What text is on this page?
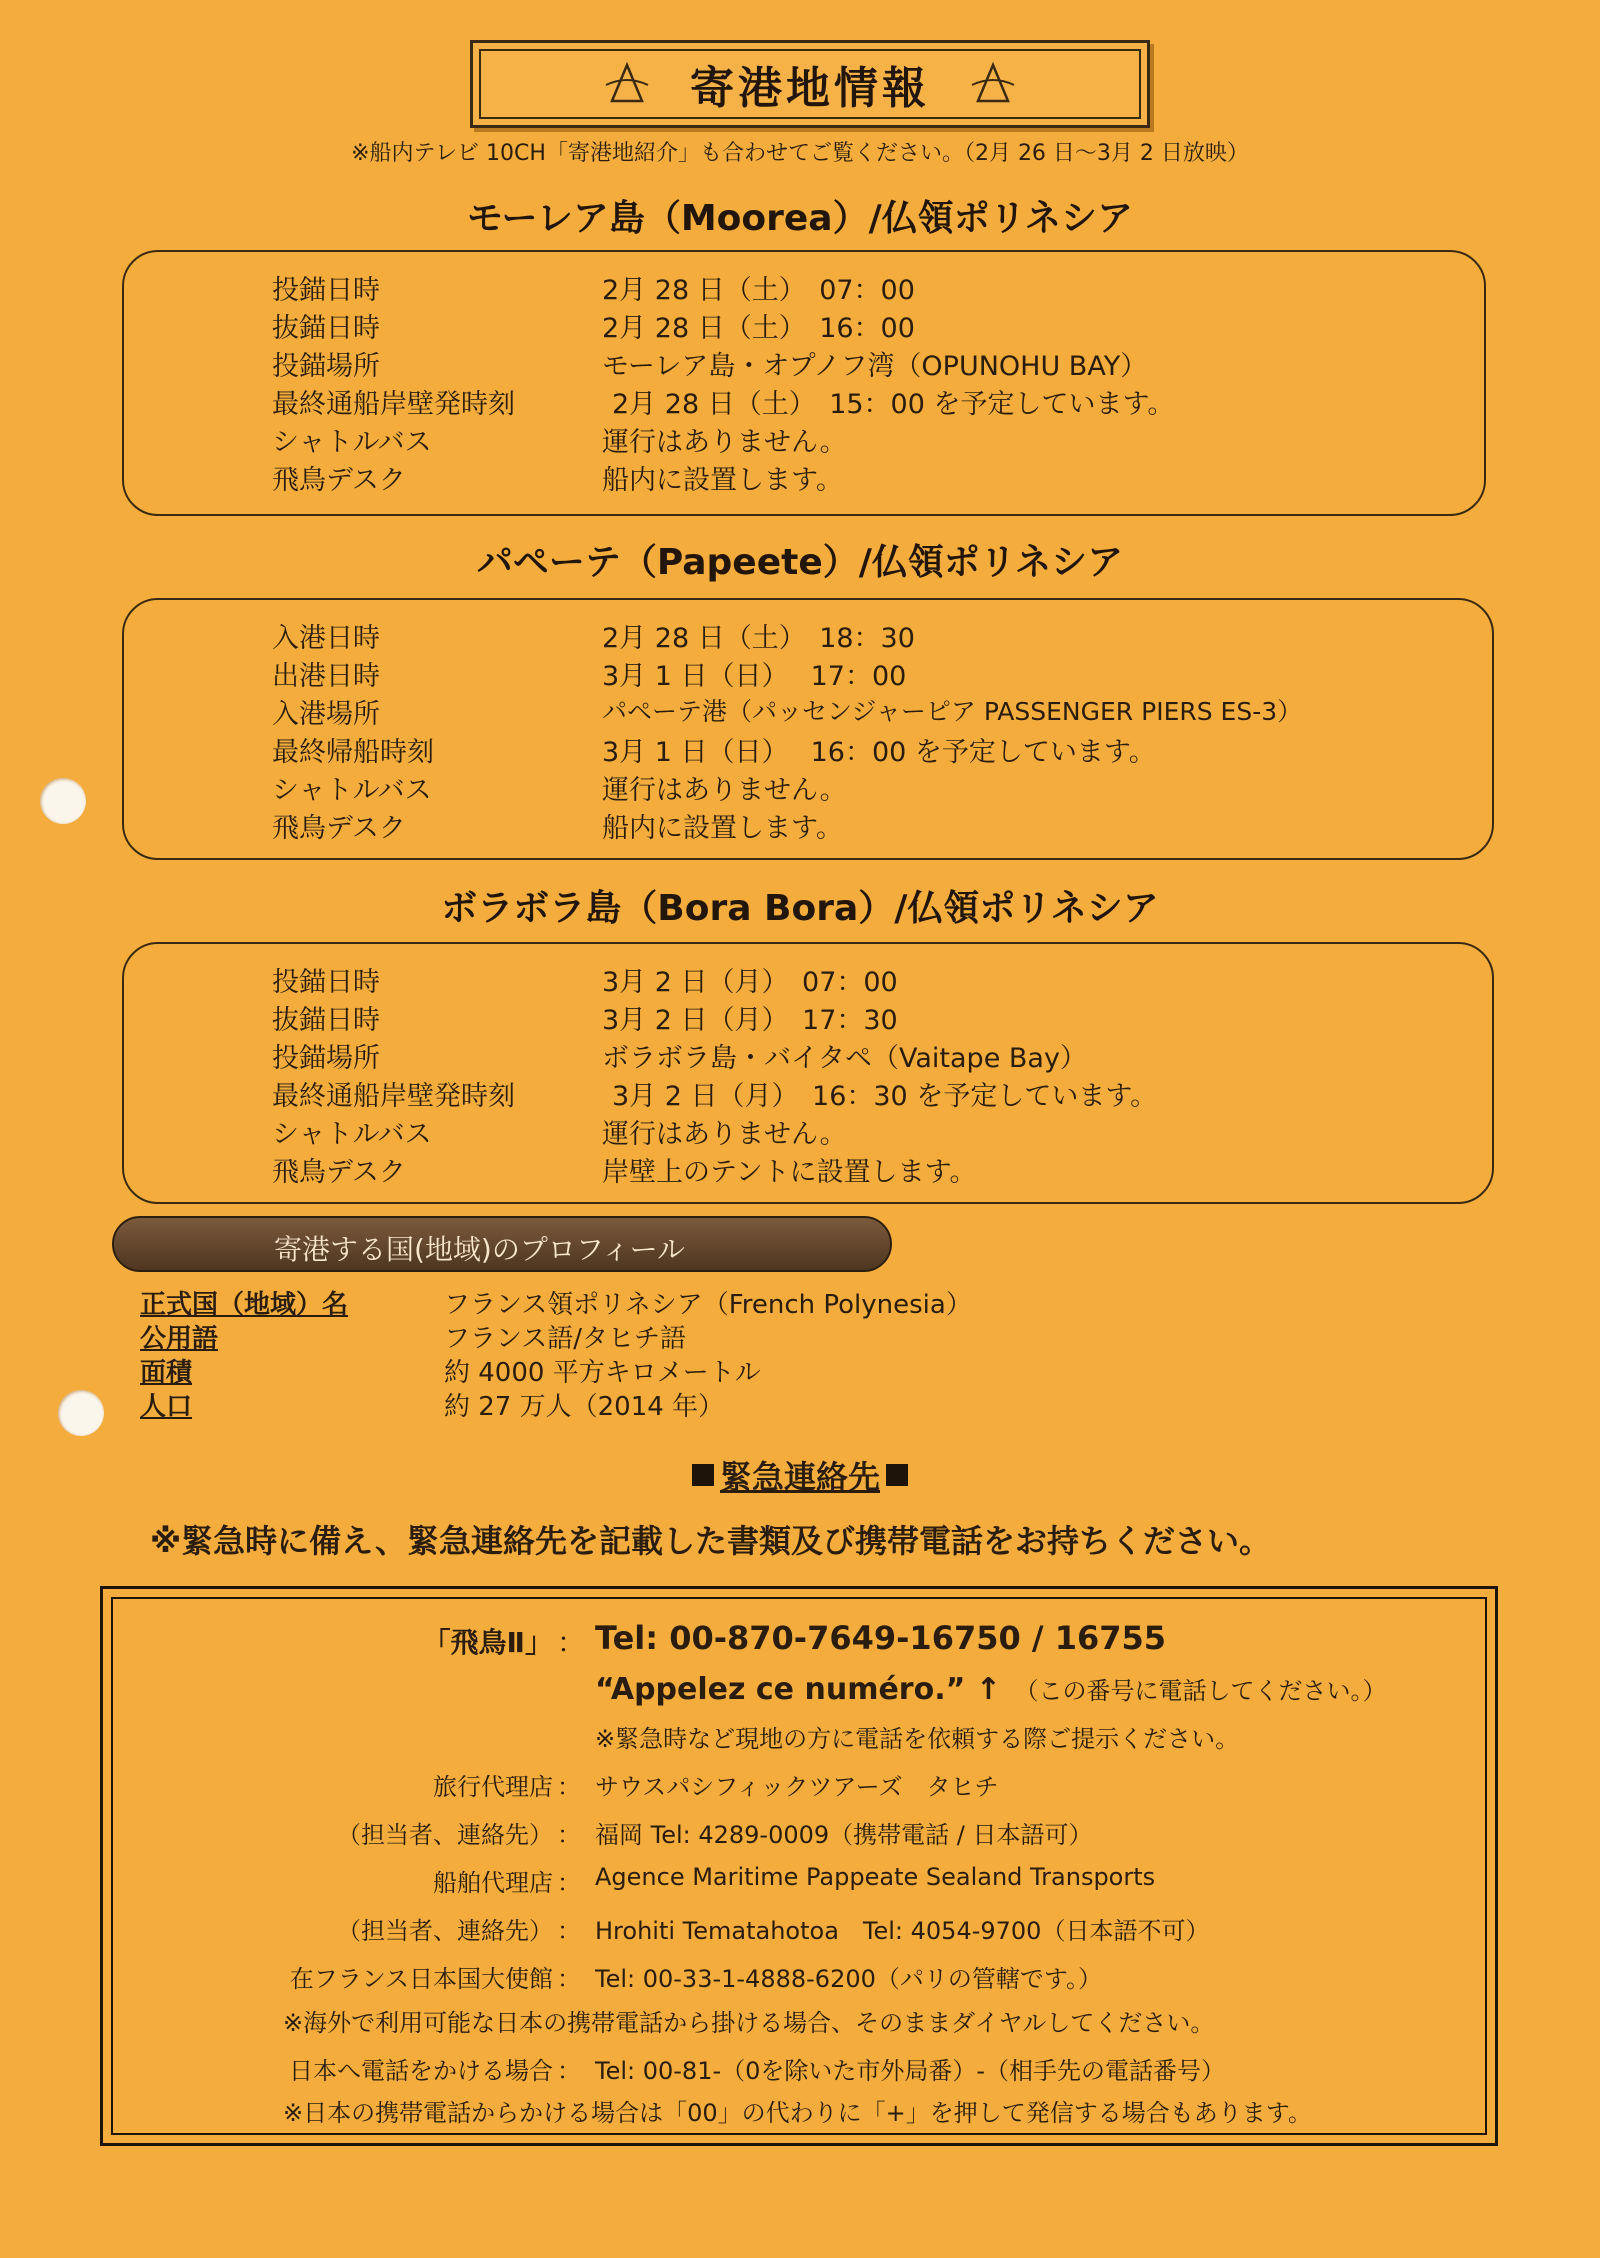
寄港地情報
※船内テレビ 10CH「寄港地紹介」も合わせてご覧ください。（2月 26 日～3月 2 日放映）
モーレア島（Moorea）/仏領ポリネシア
投錨日時	2月 28 日（土）　07：00
抜錨日時	2月 28 日（土）　16：00
投錨場所	モーレア島・オプノフ湾（OPUNOHU BAY）
最終通船岸壁発時刻	2月 28 日（土）　15：00 を予定しています。
シャトルバス	運行はありません。
飛鳥デスク	船内に設置します。
パペーテ（Papeete）/仏領ポリネシア
入港日時	2月 28 日（土）　18：30
出港日時	3月 1 日（日）　 17：00
入港場所	パペーテ港（パッセンジャーピア PASSENGER PIERS ES-3）
最終帰船時刻	3月 1 日（日）　 16：00 を予定しています。
シャトルバス	運行はありません。
飛鳥デスク	船内に設置します。
ボラボラ島（Bora Bora）/仏領ポリネシア
投錨日時	3月 2 日（月）　07：00
抜錨日時	3月 2 日（月）　17：30
投錨場所	ボラボラ島・バイタペ（Vaitape Bay）
最終通船岸壁発時刻	3月 2 日（月）　16：30 を予定しています。
シャトルバス	運行はありません。
飛鳥デスク	岸壁上のテントに設置します。
寄港する国(地域)のプロフィール
正式国（地域）名	フランス領ポリネシア（French Polynesia）
公用語	フランス語/タヒチ語
面積	約 4000 平方キロメートル
人口	約 27 万人（2014 年）
緊急連絡先
※緊急時に備え、緊急連絡先を記載した書類及び携帯電話をお持ちください。
「飛鳥Ⅱ」 ： Tel: 00-870-7649-16750 / 16755
“Appelez ce numéro.” ↑ （この番号に電話してください。）
※緊急時など現地の方に電話を依頼する際ご提示ください。
旅行代理店 ： サウスパシフィックツアーズ　タヒチ
（担当者、連絡先） ： 福岡 Tel: 4289-0009（携帯電話 / 日本語可）
船舶代理店 ： Agence Maritime Pappeate Sealand Transports
（担当者、連絡先） ： Hrohiti Tematahotoa　Tel: 4054-9700（日本語不可）
在フランス日本国大使館 ： Tel: 00-33-1-4888-6200（パリの管轄です。）
※海外で利用可能な日本の携帯電話から掛ける場合、そのままダイヤルしてください。
日本へ電話をかける場合 ： Tel: 00-81-（0を除いた市外局番）-（相手先の電話番号）
※日本の携帯電話からかける場合は「00」の代わりに「+」を押して発信する場合もあります。
